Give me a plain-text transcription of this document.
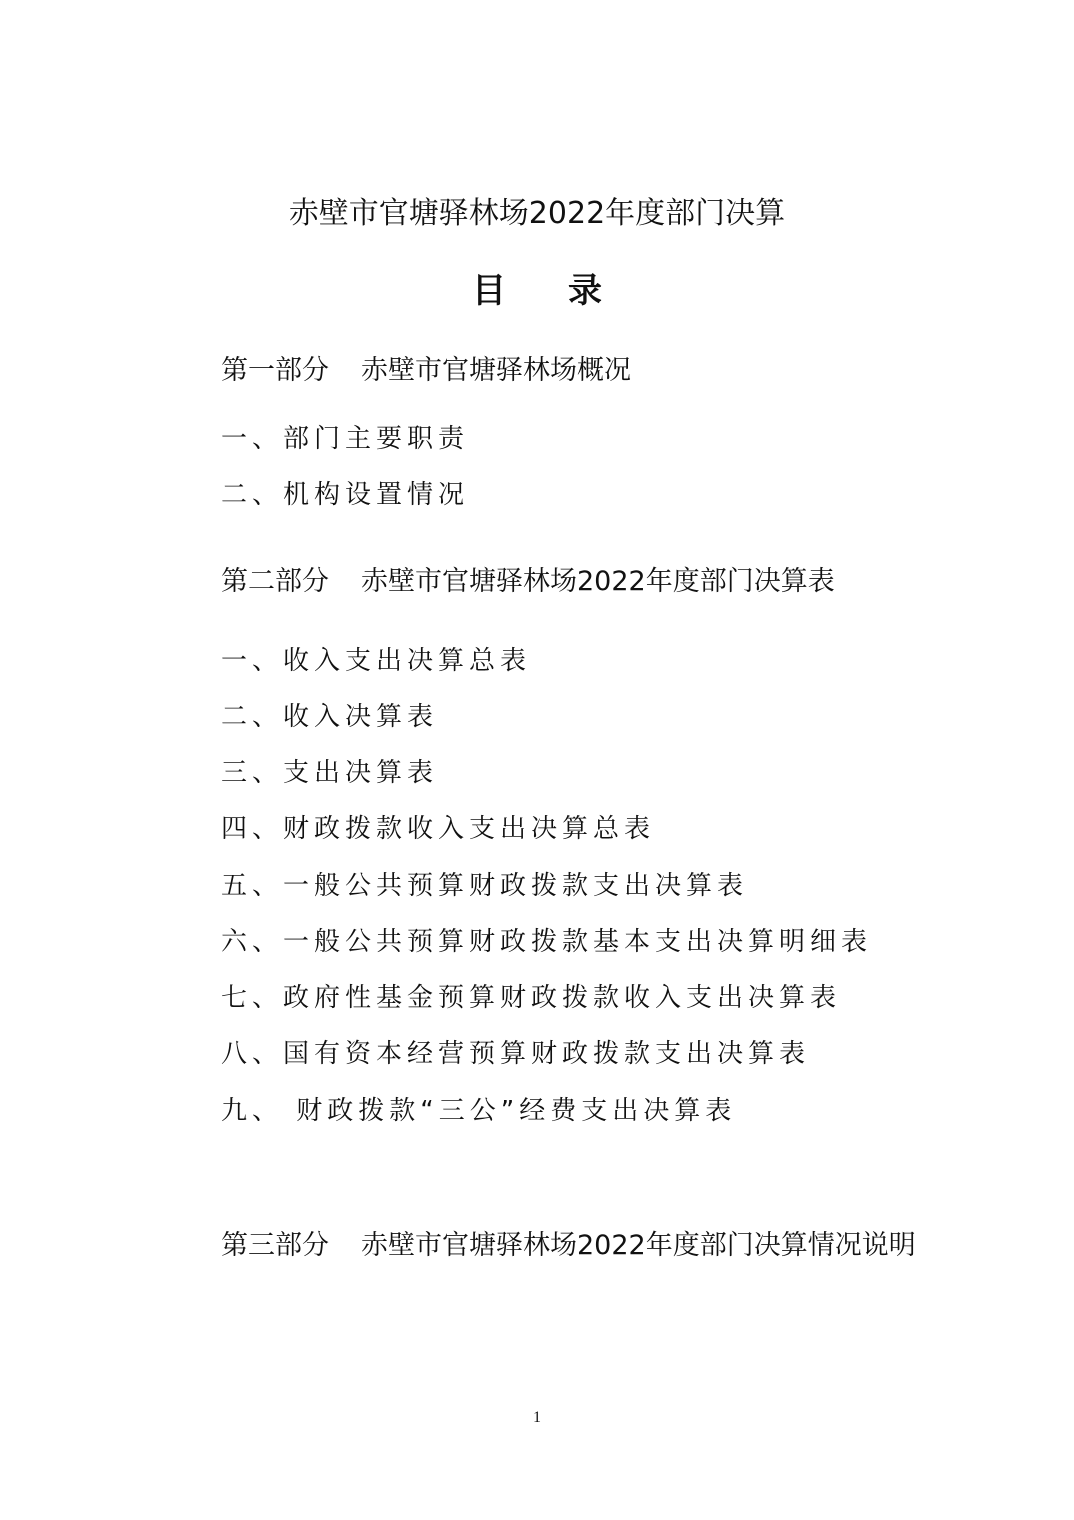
赤壁市官塘驿林场2022年度部门决算
目录
第一部分 赤壁市官塘驿林场概况
一、部门主要职责
二、机构设置情况
第二部分 赤壁市官塘驿林场2022年度部门决算表
一、收入支出决算总表
二、收入决算表
三、支出决算表
四、财政拨款收入支出决算总表
五、一般公共预算财政拨款支出决算表
六、一般公共预算财政拨款基本支出决算明细表
七、政府性基金预算财政拨款收入支出决算表
八、国有资本经营预算财政拨款支出决算表
九、 财政拨款“三公”经费支出决算表
第三部分 赤壁市官塘驿林场2022年度部门决算情况说明
1
